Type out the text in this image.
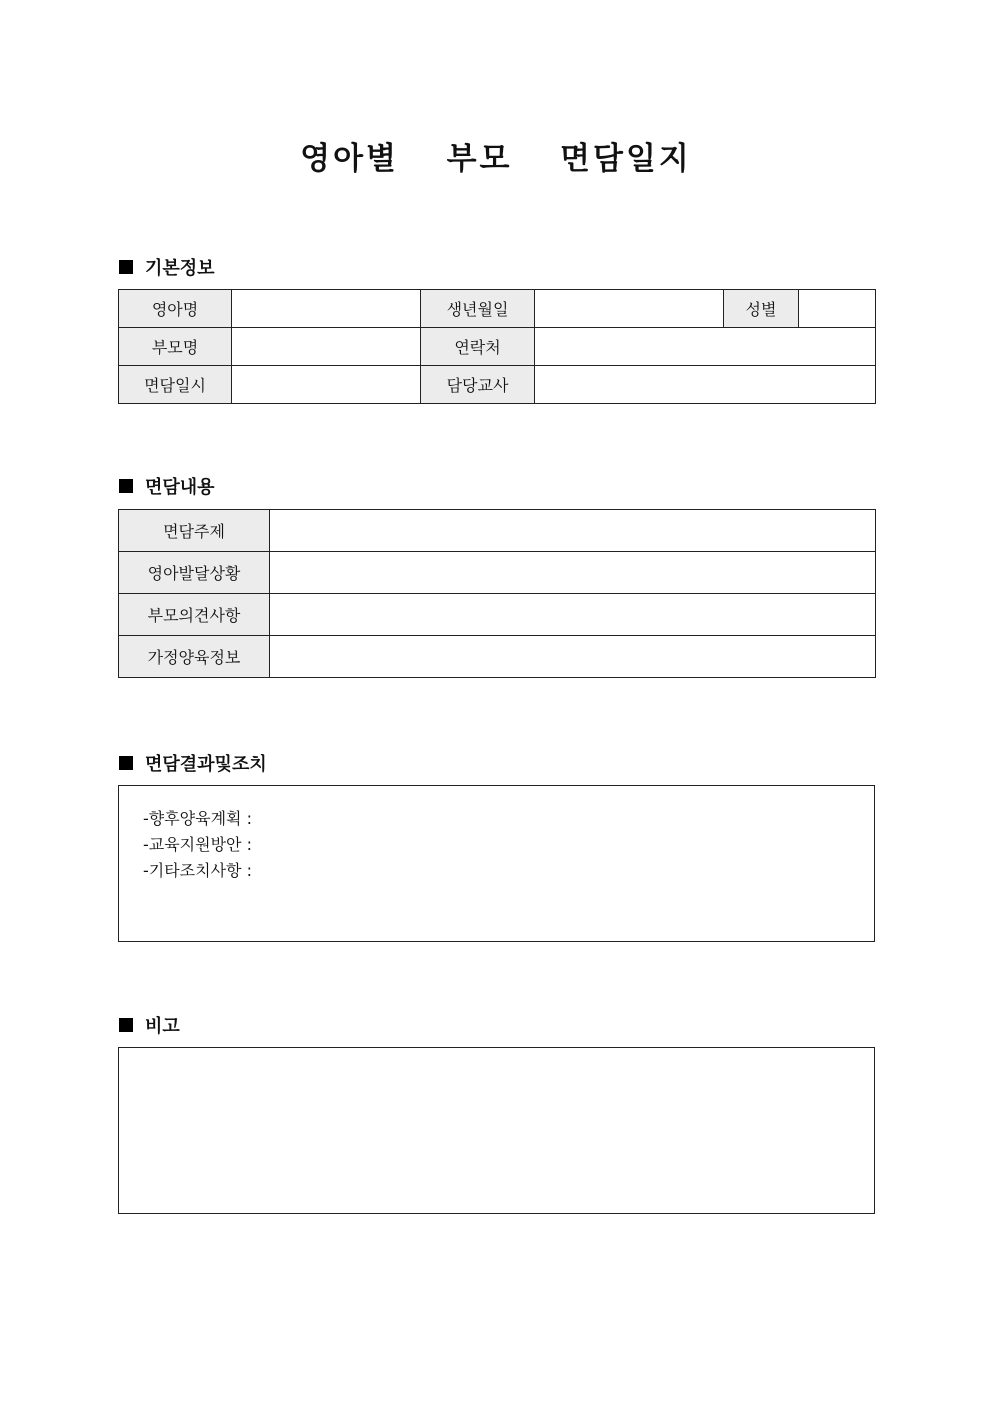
영아별  부모  면담일지
기본정보
영아명		생년월일		성별	
부모명		연락처			
면담일시		담당교사			
면담내용
면담주제	
영아발달상황	
부모의견사항	
가정양육정보	
면담결과및조치
-향후양육계획 :
-교육지원방안 :
-기타조치사항 :
비고
